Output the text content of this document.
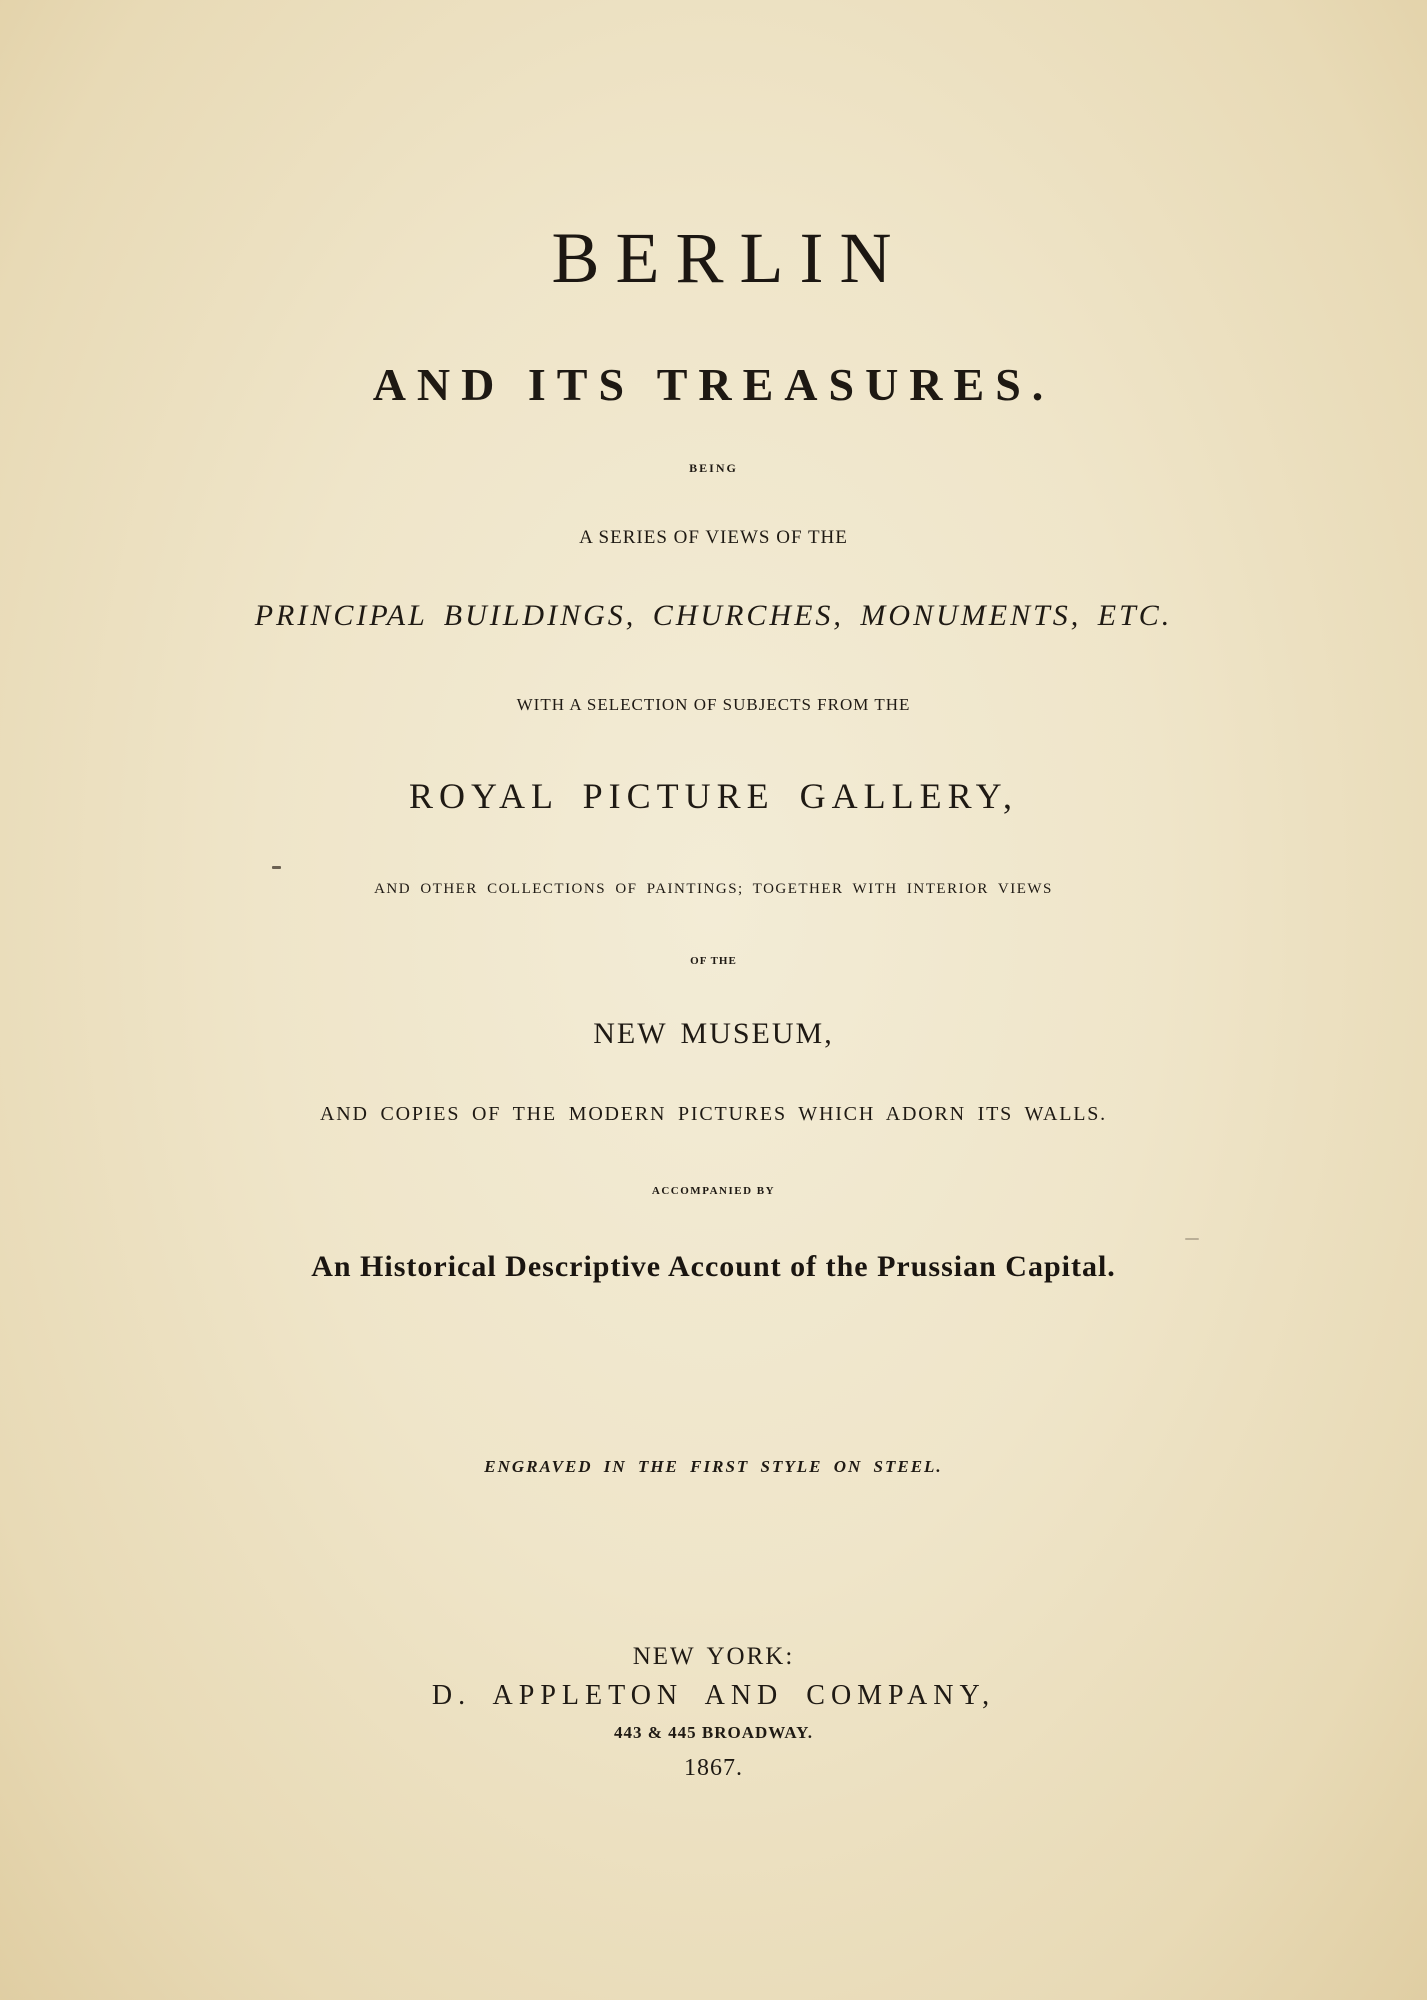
BERLIN
AND ITS TREASURES.
BEING
A SERIES OF VIEWS OF THE
PRINCIPAL BUILDINGS, CHURCHES, MONUMENTS, ETC.
WITH A SELECTION OF SUBJECTS FROM THE
ROYAL PICTURE GALLERY,
AND OTHER COLLECTIONS OF PAINTINGS; TOGETHER WITH INTERIOR VIEWS
OF THE
NEW MUSEUM,
AND COPIES OF THE MODERN PICTURES WHICH ADORN ITS WALLS.
ACCOMPANIED BY
An Historical Descriptive Account of the Prussian Capital.
ENGRAVED IN THE FIRST STYLE ON STEEL.
NEW YORK:
D. APPLETON AND COMPANY,
443 & 445 BROADWAY.
1867.
